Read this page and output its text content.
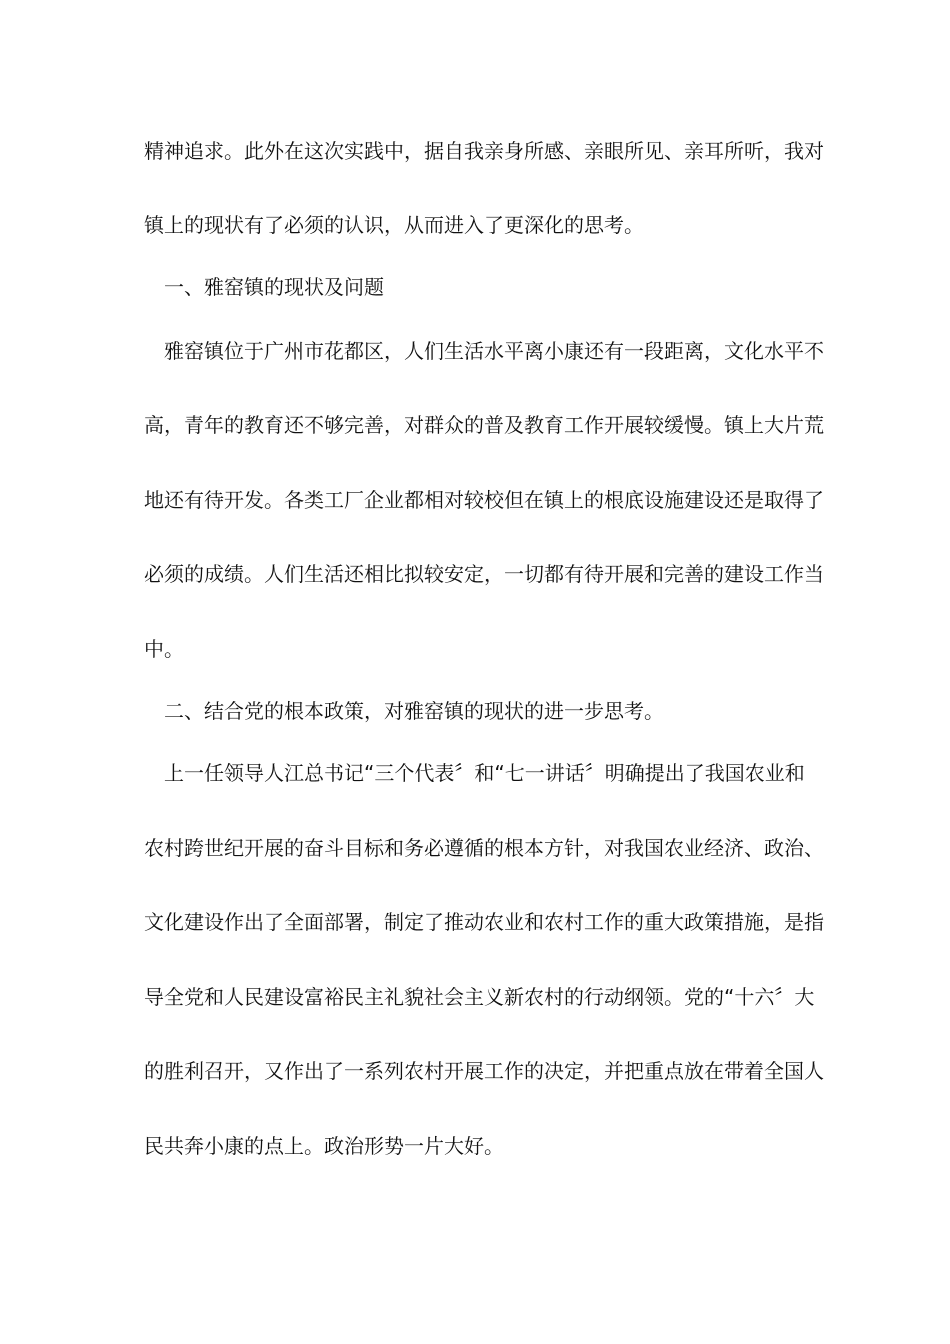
精神追求。此外在这次实践中，据自我亲身所感、亲眼所见、亲耳所听，我对
镇上的现状有了必须的认识，从而进入了更深化的思考。
　一、雅窑镇的现状及问题
　雅窑镇位于广州市花都区，人们生活水平离小康还有一段距离，文化水平不
高，青年的教育还不够完善，对群众的普及教育工作开展较缓慢。镇上大片荒
地还有待开发。各类工厂企业都相对较校但在镇上的根底设施建设还是取得了
必须的成绩。人们生活还相比拟较安定，一切都有待开展和完善的建设工作当
中。
　二、结合党的根本政策，对雅窑镇的现状的进一步思考。
　上一任领导人江总书记“三个代表〞和“七一讲话〞明确提出了我国农业和
农村跨世纪开展的奋斗目标和务必遵循的根本方针，对我国农业经济、政治、
文化建设作出了全面部署，制定了推动农业和农村工作的重大政策措施，是指
导全党和人民建设富裕民主礼貌社会主义新农村的行动纲领。党的“十六〞大
的胜利召开，又作出了一系列农村开展工作的决定，并把重点放在带着全国人
民共奔小康的点上。政治形势一片大好。
